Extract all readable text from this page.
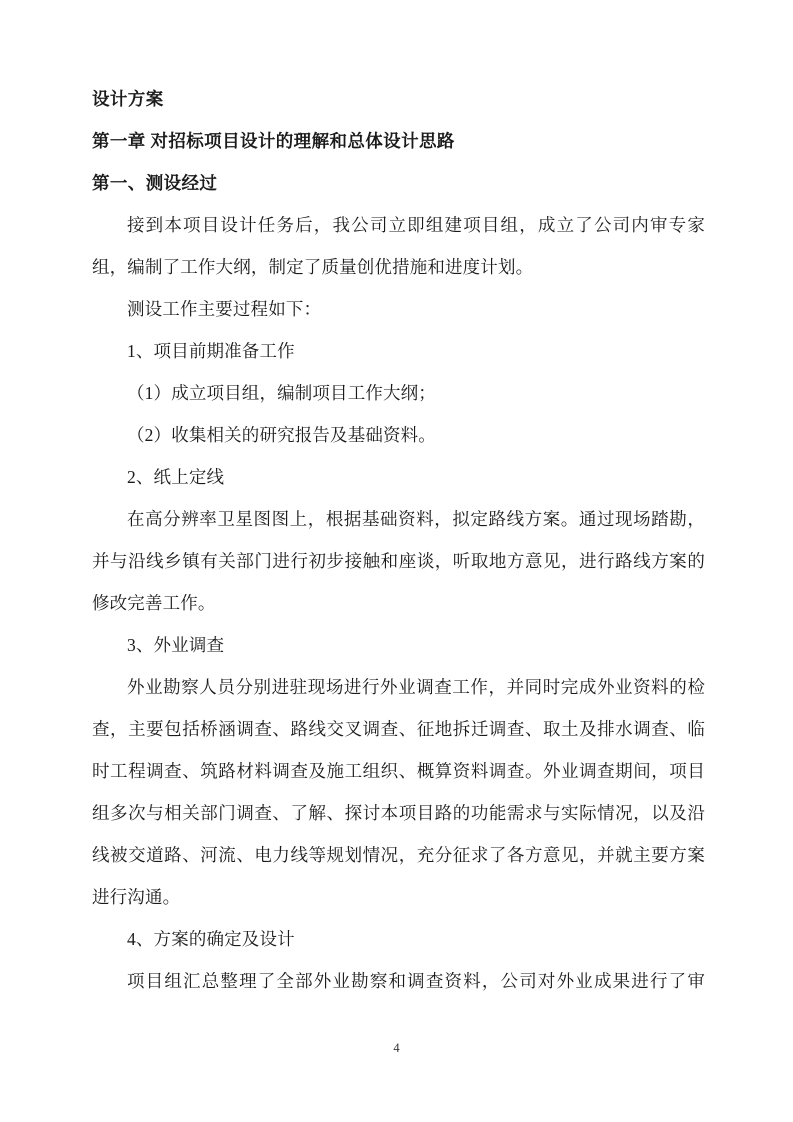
设计方案

第一章 对招标项目设计的理解和总体设计思路

第一、测设经过

接到本项目设计任务后，我公司立即组建项目组，成立了公司内审专家组，编制了工作大纲，制定了质量创优措施和进度计划。

测设工作主要过程如下：

1、项目前期准备工作

（1）成立项目组，编制项目工作大纲；

（2）收集相关的研究报告及基础资料。

2、纸上定线

在高分辨率卫星图图上，根据基础资料，拟定路线方案。通过现场踏勘，并与沿线乡镇有关部门进行初步接触和座谈，听取地方意见，进行路线方案的修改完善工作。

3、外业调查

外业勘察人员分别进驻现场进行外业调查工作，并同时完成外业资料的检查，主要包括桥涵调查、路线交叉调查、征地拆迁调查、取土及排水调查、临时工程调查、筑路材料调查及施工组织、概算资料调查。外业调查期间，项目组多次与相关部门调查、了解、探讨本项目路的功能需求与实际情况，以及沿线被交道路、河流、电力线等规划情况，充分征求了各方意见，并就主要方案进行沟通。

4、方案的确定及设计

项目组汇总整理了全部外业勘察和调查资料，公司对外业成果进行了审

4
